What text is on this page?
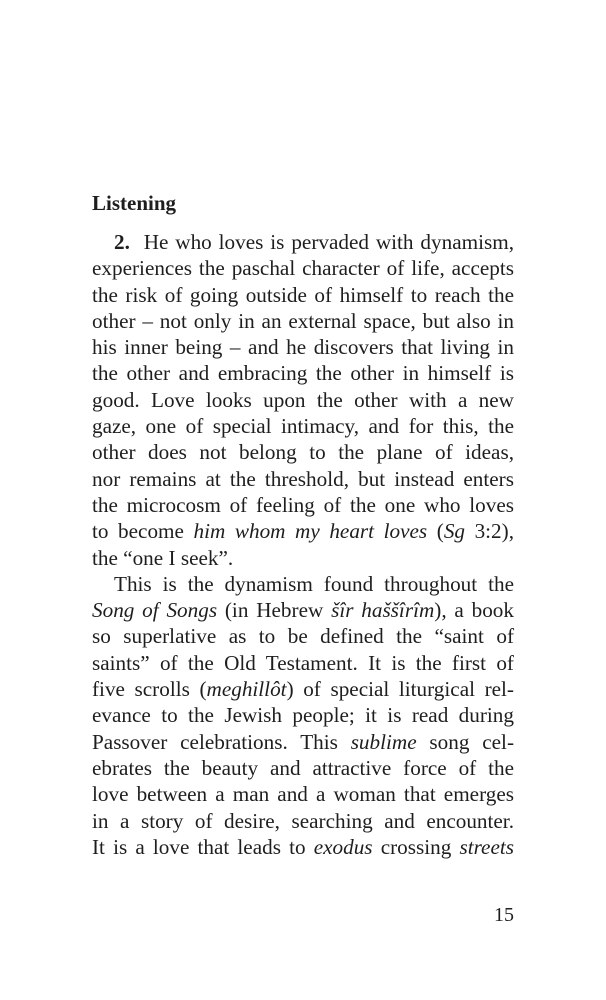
Listening
2. He who loves is pervaded with dynamism,
experiences the paschal character of life, accepts
the risk of going outside of himself to reach the
other – not only in an external space, but also in
his inner being – and he discovers that living in
the other and embracing the other in himself is
good. Love looks upon the other with a new
gaze, one of special intimacy, and for this, the
other does not belong to the plane of ideas,
nor remains at the threshold, but instead enters
the microcosm of feeling of the one who loves
to become him whom my heart loves (Sg 3:2),
the “one I seek”.
This is the dynamism found throughout the
Song of Songs (in Hebrew šîr haššîrîm), a book
so superlative as to be defined the “saint of
saints” of the Old Testament. It is the first of
five scrolls (meghillôt) of special liturgical rel-
evance to the Jewish people; it is read during
Passover celebrations. This sublime song cel-
ebrates the beauty and attractive force of the
love between a man and a woman that emerges
in a story of desire, searching and encounter.
It is a love that leads to exodus crossing streets
15
